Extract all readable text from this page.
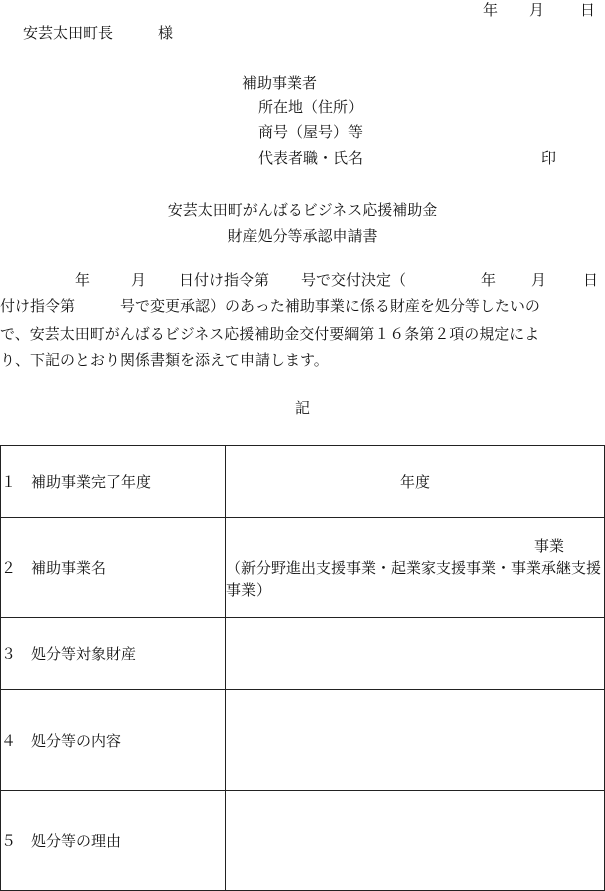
年 月 日
安芸太田町長	様
補助事業者
所在地（住所）
商号（屋号）等
代表者職・氏名	印
安芸太田町がんばるビジネス応援補助金
財産処分等承認申請書
年	月 日付け指令第 号で交付決定（	年 月 日
付け指令第　　　号で変更承認）のあった補助事業に係る財産を処分等したいの
で、安芸太田町がんばるビジネス応援補助金交付要綱第１６条第２項の規定によ
り、下記のとおり関係書類を添えて申請します。
記
１ 補助事業完了年度	年度
２ 補助事業名	事業
（新分野進出支援事業・起業家支援事業・事業承継支援事業）

３ 処分等対象財産	
４ 処分等の内容	
５ 処分等の理由	
